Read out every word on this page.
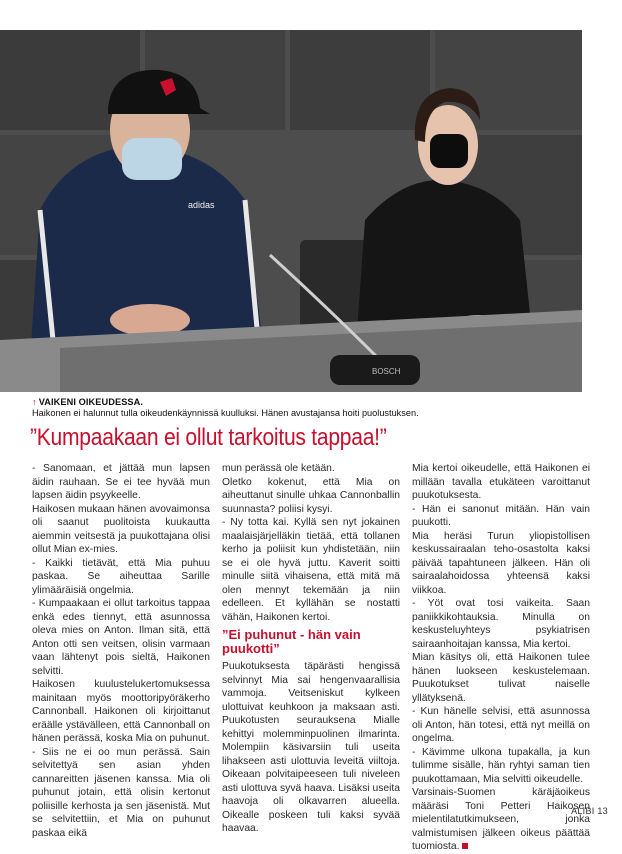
adidas
BOSCH
↑ VAIKENI OIKEUDESSA.
Haikonen ei halunnut tulla oikeudenkäynnissä kuulluksi. Hänen avustajansa hoiti puolustuksen.
”Kumpaakaan ei ollut tarkoitus tappaa!”

- Sanomaan, et jättää mun lapsen äidin rauhaan. Se ei tee hyvää mun lapsen äidin psyykeelle.

Haikosen mukaan hänen avovaimonsa oli saanut puolitoista kuukautta aiemmin veitsestä ja puukottajana olisi ollut Mian ex-mies.

- Kaikki tietävät, että Mia puhuu paskaa. Se aiheuttaa Sarille ylimääräisiä ongelmia.

- Kumpaakaan ei ollut tarkoitus tappaa enkä edes tiennyt, että asunnossa oleva mies on Anton. Ilman sitä, että Anton otti sen veitsen, olisin varmaan vaan lähtenyt pois sieltä, Haikonen selvitti.

Haikosen kuulustelukertomuksessa mainitaan myös moottoripyöräkerho Cannonball. Haikonen oli kirjoittanut eräälle ystävälleen, että Cannonball on hänen perässä, koska Mia on puhunut.

- Siis ne ei oo mun perässä. Sain selvitettyä sen asian yhden cannareitten jäsenen kanssa. Mia oli puhunut jotain, että olisin kertonut poliisille kerhosta ja sen jäsenistä. Mut se selvitettiin, et Mia on puhunut paskaa eikä

mun perässä ole ketään.

Oletko kokenut, että Mia on aiheuttanut sinulle uhkaa Cannonballin suunnasta? poliisi kysyi.

- Ny totta kai. Kyllä sen nyt jokainen maalaisjärjelläkin tietää, että tollanen kerho ja poliisit kun yhdistetään, niin se ei ole hyvä juttu. Kaverit soitti minulle siitä vihaisena, että mitä mä olen mennyt tekemään ja niin edelleen. Et kyllähän se nostatti vähän, Haikonen kertoi.

”Ei puhunut - hän vain puukotti”

Puukotuksesta täpärästi hengissä selvinnyt Mia sai hengenvaarallisia vammoja. Veitseniskut kylkeen ulottuivat keuhkoon ja maksaan asti. Puukotusten seurauksena Mialle kehittyi molemminpuolinen ilmarinta. Molempiin käsivarsiin tuli useita lihakseen asti ulottuvia leveitä viiltoja. Oikeaan polvitaipeeseen tuli niveleen asti ulottuva syvä haava. Lisäksi useita haavoja oli olkavarren alueella. Oikealle poskeen tuli kaksi syvää haavaa.

Mia kertoi oikeudelle, että Haikonen ei millään tavalla etukäteen varoittanut puukotuksesta.

- Hän ei sanonut mitään. Hän vain puukotti.

Mia heräsi Turun yliopistollisen keskussairaalan teho-osastolta kaksi päivää tapahtuneen jälkeen. Hän oli sairaalahoidossa yhteensä kaksi viikkoa.

- Yöt ovat tosi vaikeita. Saan paniikkikohtauksia. Minulla on keskusteluyhteys psykiatrisen sairaanhoitajan kanssa, Mia kertoi.

Mian käsitys oli, että Haikonen tulee hänen luokseen keskustelemaan. Puukotukset tulivat naiselle yllätyksenä.

- Kun hänelle selvisi, että asunnossa oli Anton, hän totesi, että nyt meillä on ongelma.

- Kävimme ulkona tupakalla, ja kun tulimme sisälle, hän ryhtyi saman tien puukottamaan, Mia selvitti oikeudelle.

Varsinais-Suomen käräjäoikeus määräsi Toni Petteri Haikosen mielentilatutkimukseen, jonka valmistumisen jälkeen oikeus päättää tuomiosta.

ALIBI 13
